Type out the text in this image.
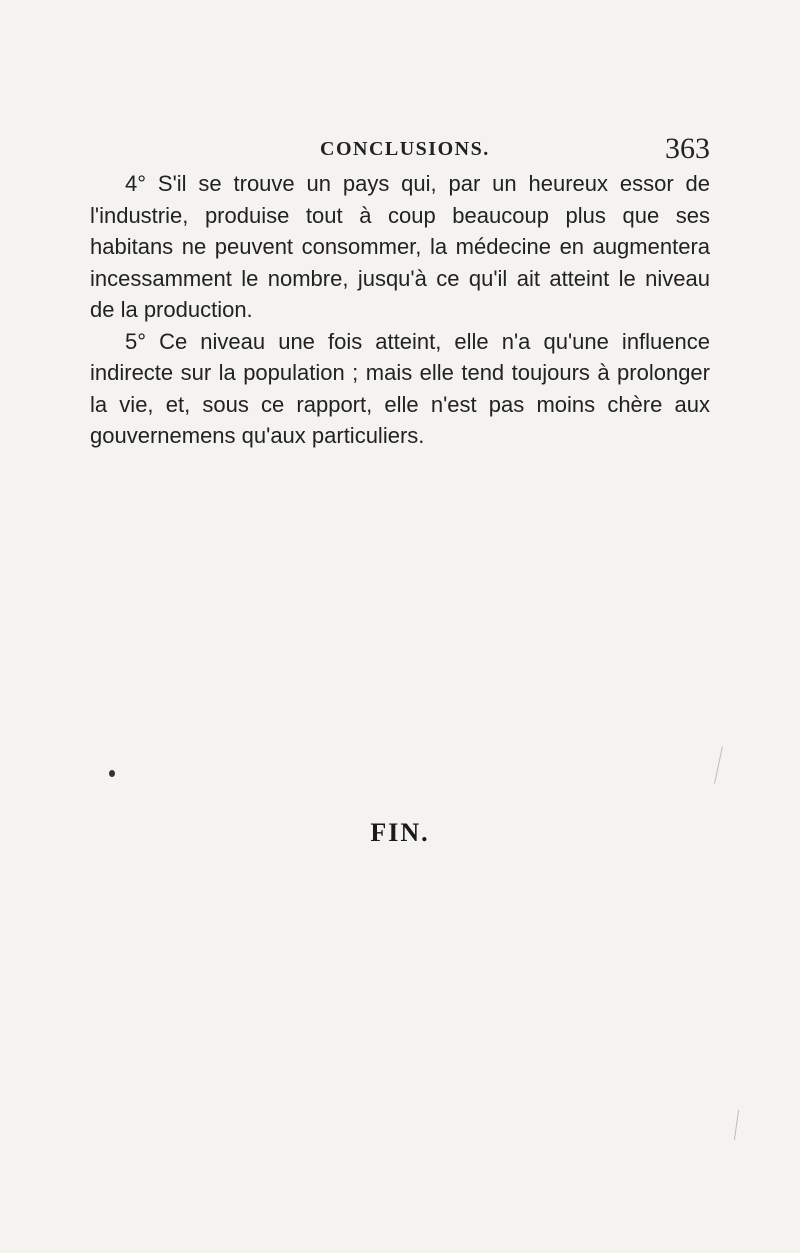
CONCLUSIONS.	363

4° S'il se trouve un pays qui, par un heureux essor de l'industrie, produise tout à coup beaucoup plus que ses habitans ne peuvent consommer, la médecine en augmentera incessamment le nombre, jusqu'à ce qu'il ait atteint le niveau de la production.

5° Ce niveau une fois atteint, elle n'a qu'une influence indirecte sur la population ; mais elle tend toujours à prolonger la vie, et, sous ce rapport, elle n'est pas moins chère aux gouvernemens qu'aux particuliers.

FIN.
